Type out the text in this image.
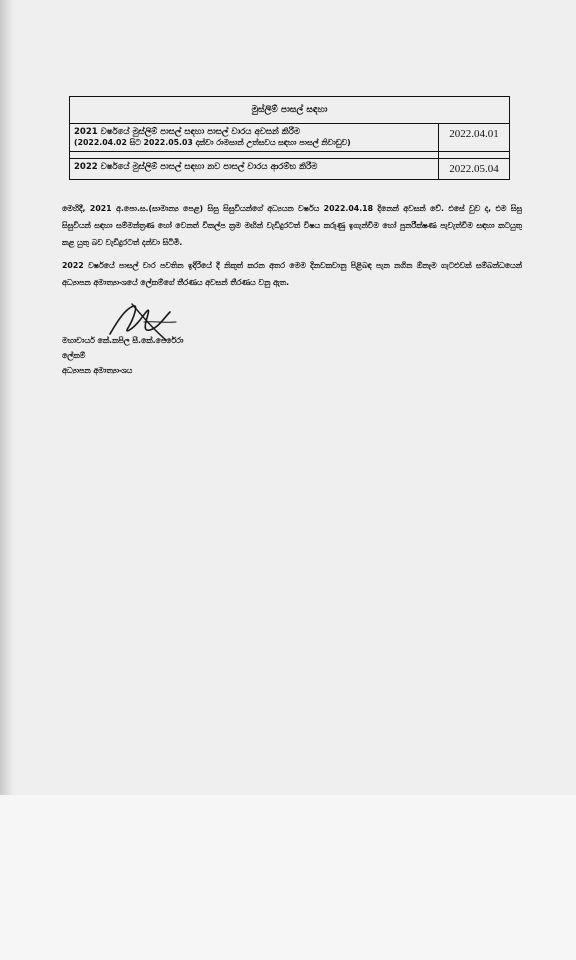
මුස්ලිම් පාසල් සඳහා	
2021 වර්ෂයේ මුස්ලිම් පාසල් සඳහා පාසල් වාරය අවසන් කිරීම
(2022.04.02 සිට 2022.05.03 දක්වා රාමසාන් උත්සවය සඳහා පාසල් නිවාඩුව)	2022.04.01

2022 වර්ෂයේ මුස්ලිම් පාසල් සඳහා නව පාසල් වාරය ආරම්භ කිරීම	2022.05.04
මෙහිදී, 2021 අ.පො.ස.(සාමාන්‍ය පෙළ) සිසු සිසුවියන්ගේ අධ්‍යයන වර්ෂය 2022.04.18 දිනෙන් අවසන් වේ. එසේ වුව ද, එම සිසු සිසුවියන් සඳහා සම්මන්ත්‍රණ හෝ වෙනත් විකල්ප ක්‍රම මඟින් වැඩිදුරටත් විෂය කරුණු ඉගැන්වීම හෝ පුනරීක්ෂණ පැවැත්වීම සඳහා කටයුතු කළ යුතු බව වැඩිදුරටත් දන්වා සිටිමි.
2022 වර්ෂයේ පාසල් වාර පවතින ඉදිරියේ දී නිකුත් කරන අතර මෙම දිනවකවානු පිළිබඳ පැන නගින ඕනෑම ගැටළුවක් සම්බන්ධයෙන් අධ්‍යාපන අමාත්‍යාංශයේ ලේකම්ගේ තීරණය අවසන් තීරණය වනු ඇත.
මහාචාර්ය කේ.කපිල සී.කේ.පෙරේරා
ලේකම්
අධ්‍යාපන අමාත්‍යාංශය
